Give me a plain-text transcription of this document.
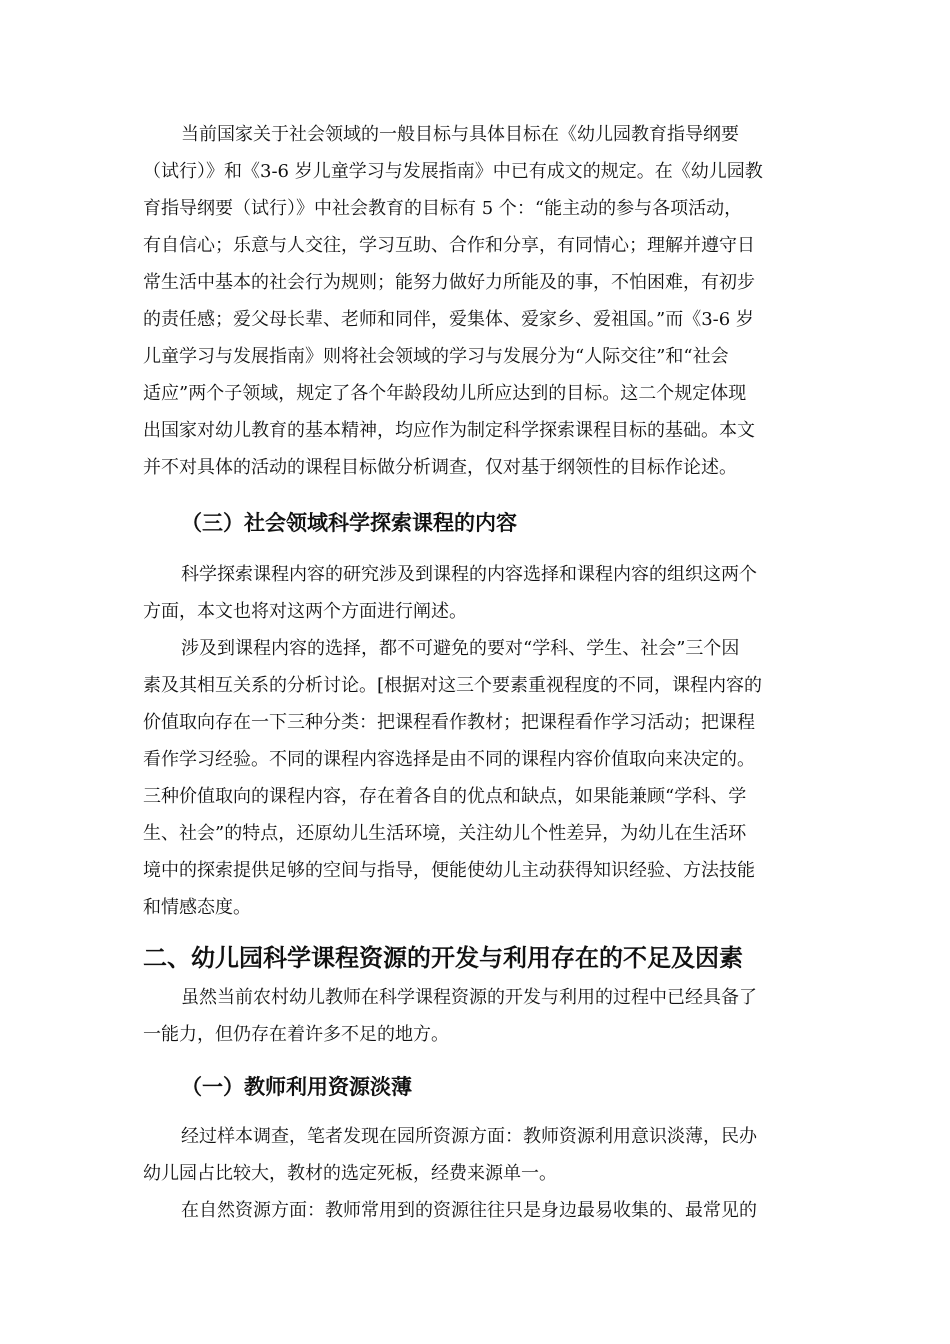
当前国家关于社会领域的一般目标与具体目标在《幼儿园教育指导纲要

（试行）》和《3-6 岁儿童学习与发展指南》中已有成文的规定。在《幼儿园教

育指导纲要（试行）》中社会教育的目标有 5 个：“能主动的参与各项活动，

有自信心；乐意与人交往，学习互助、合作和分享，有同情心；理解并遵守日

常生活中基本的社会行为规则；能努力做好力所能及的事，不怕困难，有初步

的责任感；爱父母长辈、老师和同伴，爱集体、爱家乡、爱祖国。”而《3-6 岁

儿童学习与发展指南》则将社会领域的学习与发展分为“人际交往”和“社会

适应”两个子领域，规定了各个年龄段幼儿所应达到的目标。这二个规定体现

出国家对幼儿教育的基本精神，均应作为制定科学探索课程目标的基础。本文

并不对具体的活动的课程目标做分析调查，仅对基于纲领性的目标作论述。

（三）社会领域科学探索课程的内容

科学探索课程内容的研究涉及到课程的内容选择和课程内容的组织这两个

方面，本文也将对这两个方面进行阐述。

涉及到课程内容的选择，都不可避免的要对“学科、学生、社会”三个因

素及其相互关系的分析讨论。[根据对这三个要素重视程度的不同，课程内容的

价值取向存在一下三种分类：把课程看作教材；把课程看作学习活动；把课程

看作学习经验。不同的课程内容选择是由不同的课程内容价值取向来决定的。

三种价值取向的课程内容，存在着各自的优点和缺点，如果能兼顾“学科、学

生、社会”的特点，还原幼儿生活环境，关注幼儿个性差异，为幼儿在生活环

境中的探索提供足够的空间与指导，便能使幼儿主动获得知识经验、方法技能

和情感态度。

二、幼儿园科学课程资源的开发与利用存在的不足及因素

虽然当前农村幼儿教师在科学课程资源的开发与利用的过程中已经具备了

一能力，但仍存在着许多不足的地方。

（一）教师利用资源淡薄

经过样本调查，笔者发现在园所资源方面：教师资源利用意识淡薄，民办

幼儿园占比较大，教材的选定死板，经费来源单一。

在自然资源方面：教师常用到的资源往往只是身边最易收集的、最常见的
